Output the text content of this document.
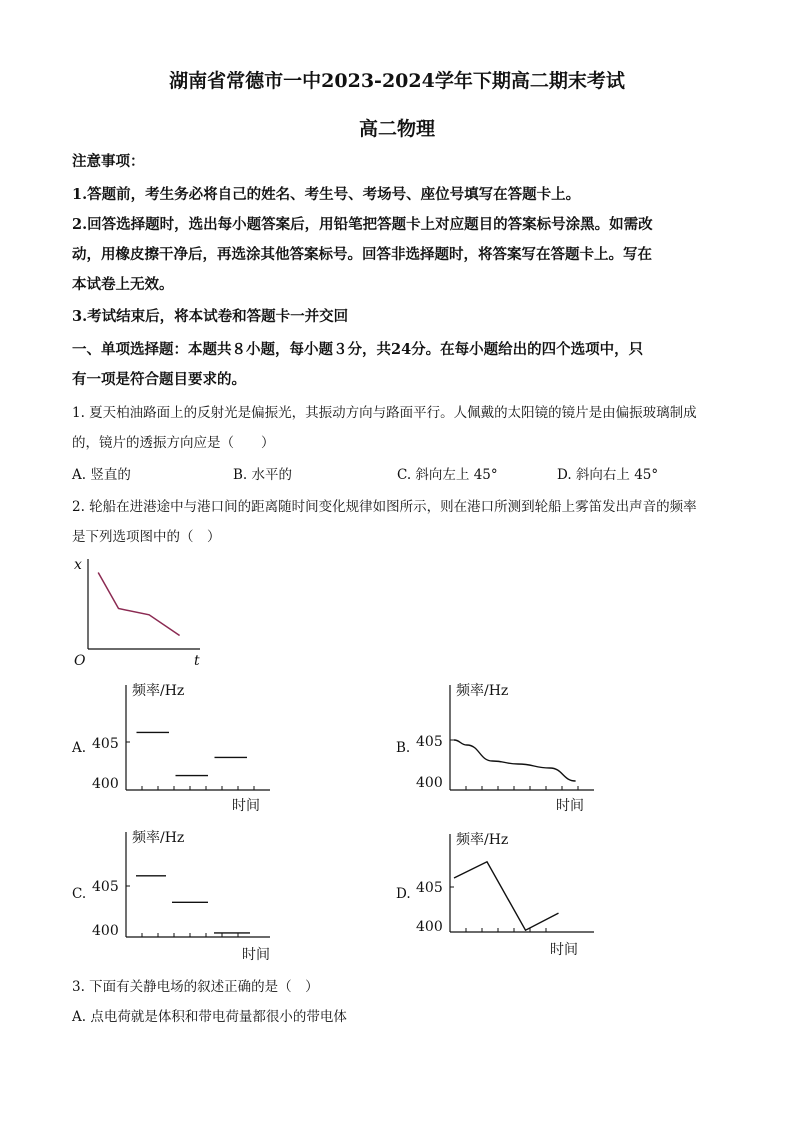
湖南省常德市一中2023-2024学年下期高二期末考试
高二物理
注意事项：
1.答题前，考生务必将自己的姓名、考生号、考场号、座位号填写在答题卡上。
2.回答选择题时，选出每小题答案后，用铅笔把答题卡上对应题目的答案标号涂黑。如需改
动，用橡皮擦干净后，再选涂其他答案标号。回答非选择题时，将答案写在答题卡上。写在
本试卷上无效。
3.考试结束后，将本试卷和答题卡一并交回
一、单项选择题：本题共８小题，每小题３分，共24分。在每小题给出的四个选项中，只
有一项是符合题目要求的。
1. 夏天柏油路面上的反射光是偏振光，其振动方向与路面平行。人佩戴的太阳镜的镜片是由偏振玻璃制成
的，镜片的透振方向应是（　　）
A. 竖直的	B. 水平的	C. 斜向左上 45°	D. 斜向右上 45°
2. 轮船在进港途中与港口间的距离随时间变化规律如图所示，则在港口所测到轮船上雾笛发出声音的频率
是下列选项图中的（　）
x
O	t
A.
频率/Hz
405
400
时间
B.
频率/Hz
405
400
时间
C.
频率/Hz
405
400
时间
D.
频率/Hz
405
400
时间
3. 下面有关静电场的叙述正确的是（　）
A. 点电荷就是体积和带电荷量都很小的带电体
